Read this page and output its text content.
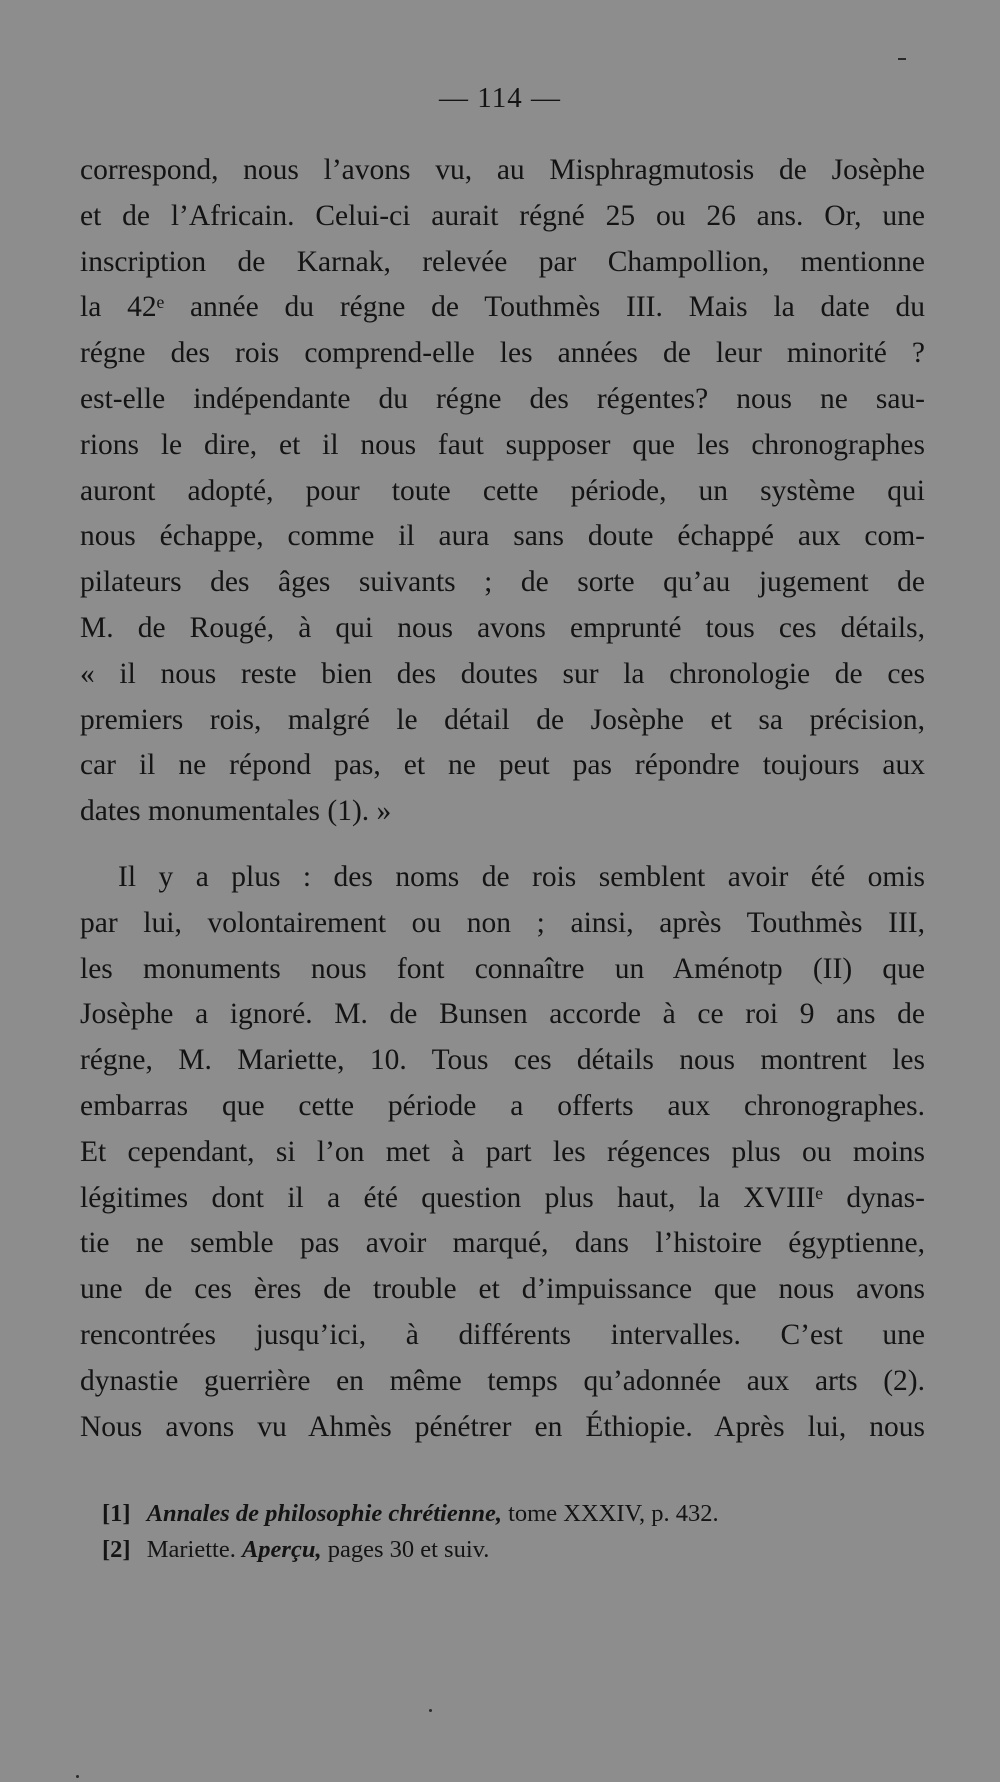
— 114 —
correspond, nous l’avons vu, au Misphragmutosis de Josèphe
et de l’Africain. Celui-ci aurait régné 25 ou 26 ans. Or, une
inscription de Karnak, relevée par Champollion, mentionne
la 42ᵉ année du régne de Touthmès III. Mais la date du
régne des rois comprend-elle les années de leur minorité ?
est-elle indépendante du régne des régentes? nous ne sau-
rions le dire, et il nous faut supposer que les chronographes
auront adopté, pour toute cette période, un système qui
nous échappe, comme il aura sans doute échappé aux com-
pilateurs des âges suivants ; de sorte qu’au jugement de
M. de Rougé, à qui nous avons emprunté tous ces détails,
« il nous reste bien des doutes sur la chronologie de ces
premiers rois, malgré le détail de Josèphe et sa précision,
car il ne répond pas, et ne peut pas répondre toujours aux
dates monumentales (1). »
Il y a plus : des noms de rois semblent avoir été omis
par lui, volontairement ou non ; ainsi, après Touthmès III,
les monuments nous font connaître un Aménotp (II) que
Josèphe a ignoré. M. de Bunsen accorde à ce roi 9 ans de
régne, M. Mariette, 10. Tous ces détails nous montrent les
embarras que cette période a offerts aux chronographes.
Et cependant, si l’on met à part les régences plus ou moins
légitimes dont il a été question plus haut, la XVIIIᵉ dynas-
tie ne semble pas avoir marqué, dans l’histoire égyptienne,
une de ces ères de trouble et d’impuissance que nous avons
rencontrées jusqu’ici, à différents intervalles. C’est une
dynastie guerrière en même temps qu’adonnée aux arts (2).
Nous avons vu Ahmès pénétrer en Éthiopie. Après lui, nous
[1] Annales de philosophie chrétienne, tome XXXIV, p. 432.
[2] Mariette. Aperçu, pages 30 et suiv.
